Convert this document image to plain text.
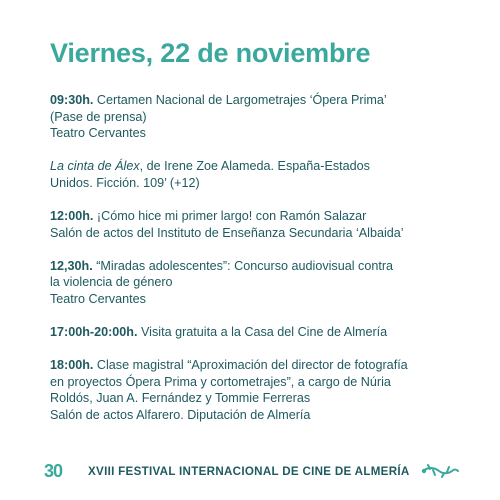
Viernes, 22 de noviembre
09:30h. Certamen Nacional de Largometrajes ‘Ópera Prima’
(Pase de prensa)
Teatro Cervantes
La cinta de Álex, de Irene Zoe Alameda. España-Estados
Unidos. Ficción. 109’ (+12)
12:00h. ¡Cómo hice mi primer largo! con Ramón Salazar
Salón de actos del Instituto de Enseñanza Secundaria ‘Albaida’
12,30h. “Miradas adolescentes”: Concurso audiovisual contra
la violencia de género
Teatro Cervantes
17:00h-20:00h. Visita gratuita a la Casa del Cine de Almería
18:00h. Clase magistral “Aproximación del director de fotografía
en proyectos Ópera Prima y cortometrajes”, a cargo de Núria
Roldós, Juan A. Fernández y Tommie Ferreras
Salón de actos Alfarero. Diputación de Almería
30 XVIII FESTIVAL INTERNACIONAL DE CINE DE ALMERÍA
